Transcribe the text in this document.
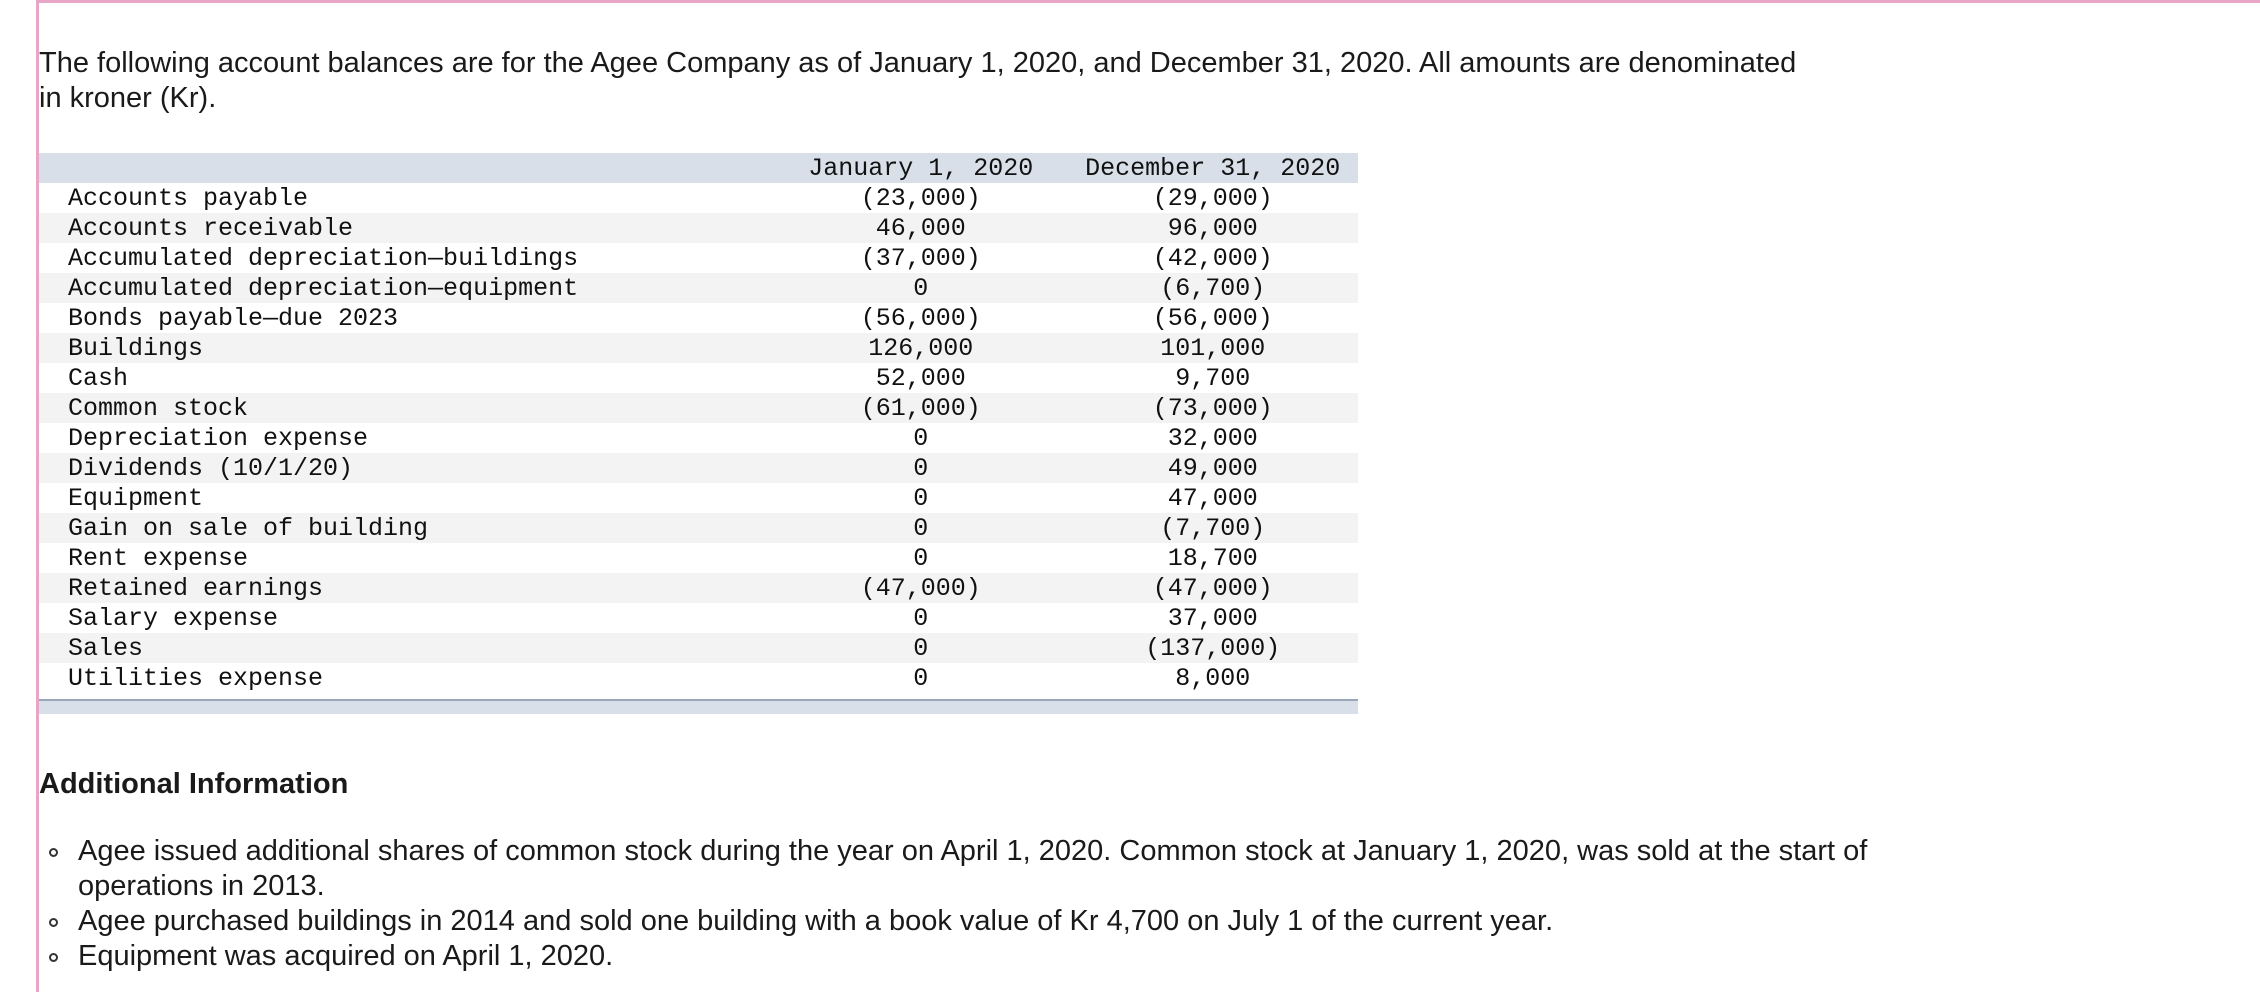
The following account balances are for the Agee Company as of January 1, 2020, and December 31, 2020. All amounts are denominated in kroner (Kr).

	January 1, 2020	December 31, 2020
Accounts payable	(23,000)	(29,000)
Accounts receivable	46,000	96,000
Accumulated depreciation—buildings	(37,000)	(42,000)
Accumulated depreciation—equipment	0	(6,700)
Bonds payable—due 2023	(56,000)	(56,000)
Buildings	126,000	101,000
Cash	52,000	9,700
Common stock	(61,000)	(73,000)
Depreciation expense	0	32,000
Dividends (10/1/20)	0	49,000
Equipment	0	47,000
Gain on sale of building	0	(7,700)
Rent expense	0	18,700
Retained earnings	(47,000)	(47,000)
Salary expense	0	37,000
Sales	0	(137,000)
Utilities expense	0	8,000
Additional Information
Agee issued additional shares of common stock during the year on April 1, 2020. Common stock at January 1, 2020, was sold at the start of operations in 2013.
Agee purchased buildings in 2014 and sold one building with a book value of Kr 4,700 on July 1 of the current year.
Equipment was acquired on April 1, 2020.
